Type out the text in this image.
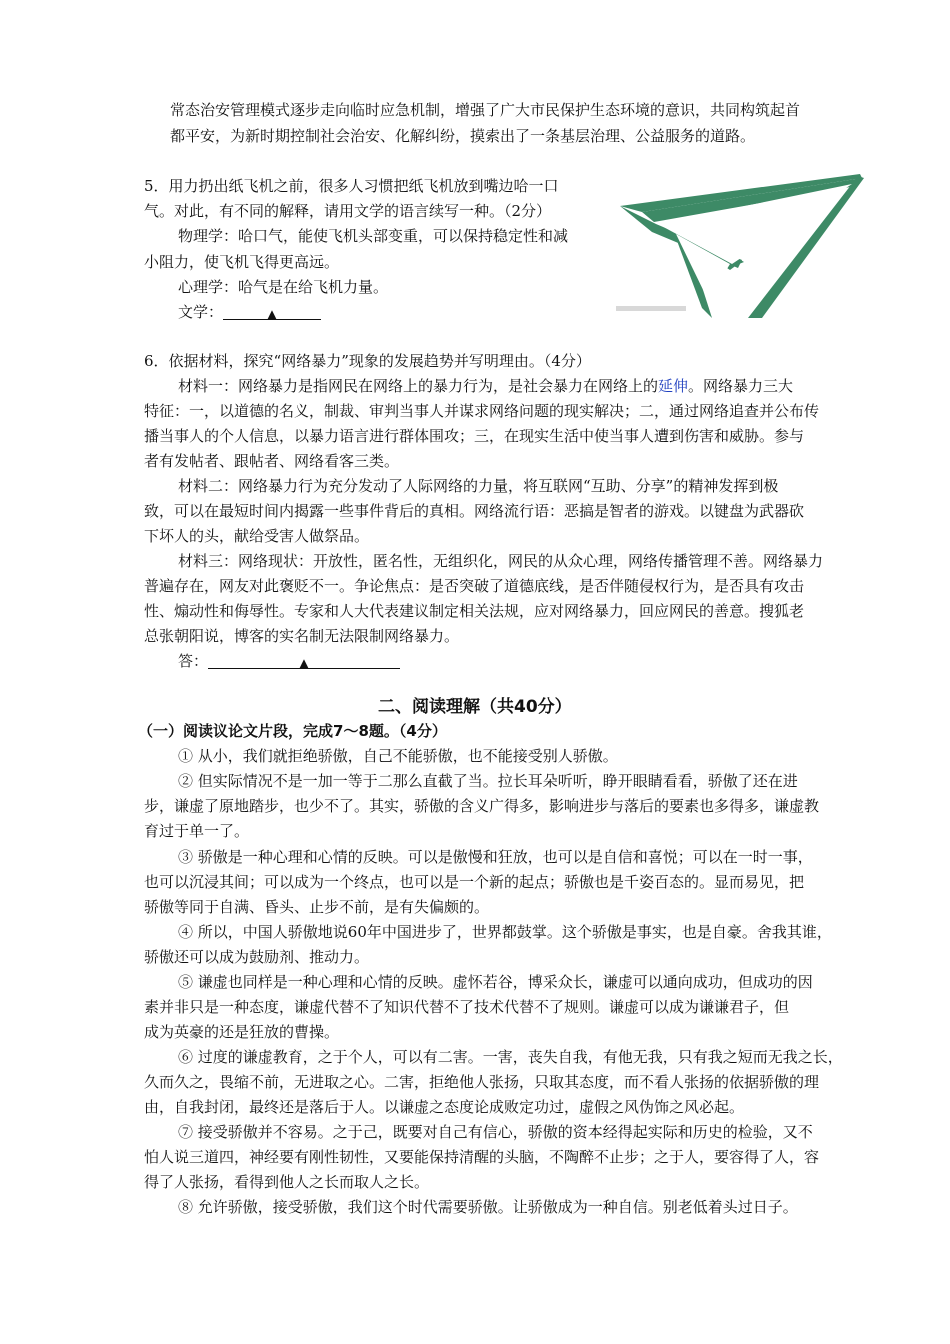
常态治安管理模式逐步走向临时应急机制，增强了广大市民保护生态环境的意识，共同构筑起首
都平安，为新时期控制社会治安、化解纠纷，摸索出了一条基层治理、公益服务的道路。
5．用力扔出纸飞机之前，很多人习惯把纸飞机放到嘴边哈一口
气。对此，有不同的解释，请用文学的语言续写一种。（2分）
物理学：哈口气，能使飞机头部变重，可以保持稳定性和减
小阻力，使飞机飞得更高远。
心理学：哈气是在给飞机力量。
文学：	▲
6．依据材料，探究“网络暴力”现象的发展趋势并写明理由。（4分）
材料一：网络暴力是指网民在网络上的暴力行为，是社会暴力在网络上的延伸。网络暴力三大
特征：一，以道德的名义，制裁、审判当事人并谋求网络问题的现实解决；二，通过网络追查并公布传
播当事人的个人信息，以暴力语言进行群体围攻；三，在现实生活中使当事人遭到伤害和威胁。参与
者有发帖者、跟帖者、网络看客三类。
材料二：网络暴力行为充分发动了人际网络的力量，将互联网“互助、分享”的精神发挥到极
致，可以在最短时间内揭露一些事件背后的真相。网络流行语：恶搞是智者的游戏。以键盘为武器砍
下坏人的头，献给受害人做祭品。
材料三：网络现状：开放性，匿名性，无组织化，网民的从众心理，网络传播管理不善。网络暴力
普遍存在，网友对此褒贬不一。争论焦点：是否突破了道德底线，是否伴随侵权行为，是否具有攻击
性、煽动性和侮辱性。专家和人大代表建议制定相关法规，应对网络暴力，回应网民的善意。搜狐老
总张朝阳说，博客的实名制无法限制网络暴力。
答：	▲
二、阅读理解（共40分）
（一）阅读议论文片段，完成7～8题。（4分）
① 从小，我们就拒绝骄傲，自己不能骄傲，也不能接受别人骄傲。
② 但实际情况不是一加一等于二那么直截了当。拉长耳朵听听，睁开眼睛看看，骄傲了还在进
步，谦虚了原地踏步，也少不了。其实，骄傲的含义广得多，影响进步与落后的要素也多得多，谦虚教
育过于单一了。
③ 骄傲是一种心理和心情的反映。可以是傲慢和狂放，也可以是自信和喜悦；可以在一时一事，
也可以沉浸其间；可以成为一个终点，也可以是一个新的起点；骄傲也是千姿百态的。显而易见，把
骄傲等同于自满、昏头、止步不前，是有失偏颇的。
④ 所以，中国人骄傲地说60年中国进步了，世界都鼓掌。这个骄傲是事实，也是自豪。舍我其谁，
骄傲还可以成为鼓励剂、推动力。
⑤ 谦虚也同样是一种心理和心情的反映。虚怀若谷，博采众长，谦虚可以通向成功，但成功的因
素并非只是一种态度，谦虚代替不了知识代替不了技术代替不了规则。谦虚可以成为谦谦君子，但
成为英豪的还是狂放的曹操。
⑥ 过度的谦虚教育，之于个人，可以有二害。一害，丧失自我，有他无我，只有我之短而无我之长，
久而久之，畏缩不前，无进取之心。二害，拒绝他人张扬，只取其态度，而不看人张扬的依据骄傲的理
由，自我封闭，最终还是落后于人。以谦虚之态度论成败定功过，虚假之风伪饰之风必起。
⑦ 接受骄傲并不容易。之于己，既要对自己有信心，骄傲的资本经得起实际和历史的检验，又不
怕人说三道四，神经要有刚性韧性，又要能保持清醒的头脑，不陶醉不止步；之于人，要容得了人，容
得了人张扬，看得到他人之长而取人之长。
⑧ 允许骄傲，接受骄傲，我们这个时代需要骄傲。让骄傲成为一种自信。别老低着头过日子。
